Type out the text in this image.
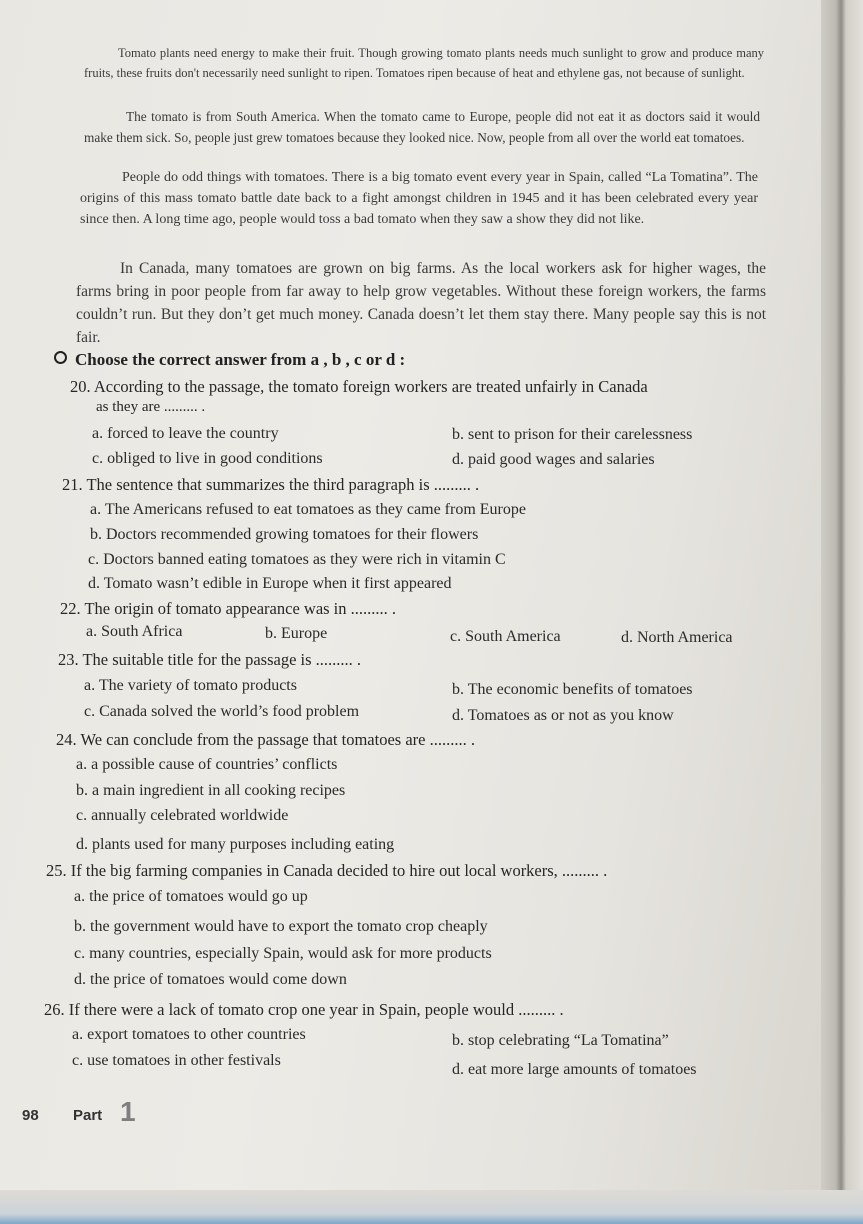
Tomato plants need energy to make their fruit. Though growing tomato plants needs much sunlight to grow and produce many fruits, these fruits don't necessarily need sunlight to ripen. Tomatoes ripen because of heat and ethylene gas, not because of sunlight.

The tomato is from South America. When the tomato came to Europe, people did not eat it as doctors said it would make them sick. So, people just grew tomatoes because they looked nice. Now, people from all over the world eat tomatoes.

People do odd things with tomatoes. There is a big tomato event every year in Spain, called “La Tomatina”. The origins of this mass tomato battle date back to a fight amongst children in 1945 and it has been celebrated every year since then. A long time ago, people would toss a bad tomato when they saw a show they did not like.

In Canada, many tomatoes are grown on big farms. As the local workers ask for higher wages, the farms bring in poor people from far away to help grow vegetables. Without these foreign workers, the farms couldn’t run. But they don’t get much money. Canada doesn’t let them stay there. Many people say this is not fair.

Choose the correct answer from a , b , c or d :
20. According to the passage, the tomato foreign workers are treated unfairly in Canada
as they are ......... .
a. forced to leave the country	b. sent to prison for their carelessness
c. obliged to live in good conditions	d. paid good wages and salaries
21. The sentence that summarizes the third paragraph is ......... .
a. The Americans refused to eat tomatoes as they came from Europe
b. Doctors recommended growing tomatoes for their flowers
c. Doctors banned eating tomatoes as they were rich in vitamin C
d. Tomato wasn’t edible in Europe when it first appeared
22. The origin of tomato appearance was in ......... .
a. South Africa	b. Europe	c. South America	d. North America
23. The suitable title for the passage is ......... .
a. The variety of tomato products	b. The economic benefits of tomatoes
c. Canada solved the world’s food problem	d. Tomatoes as or not as you know
24. We can conclude from the passage that tomatoes are ......... .
a. a possible cause of countries’ conflicts
b. a main ingredient in all cooking recipes
c. annually celebrated worldwide
d. plants used for many purposes including eating
25. If the big farming companies in Canada decided to hire out local workers, ......... .
a. the price of tomatoes would go up
b. the government would have to export the tomato crop cheaply
c. many countries, especially Spain, would ask for more products
d. the price of tomatoes would come down
26. If there were a lack of tomato crop one year in Spain, people would ......... .
a. export tomatoes to other countries	b. stop celebrating “La Tomatina”
c. use tomatoes in other festivals
d. eat more large amounts of tomatoes
98 Part 1
